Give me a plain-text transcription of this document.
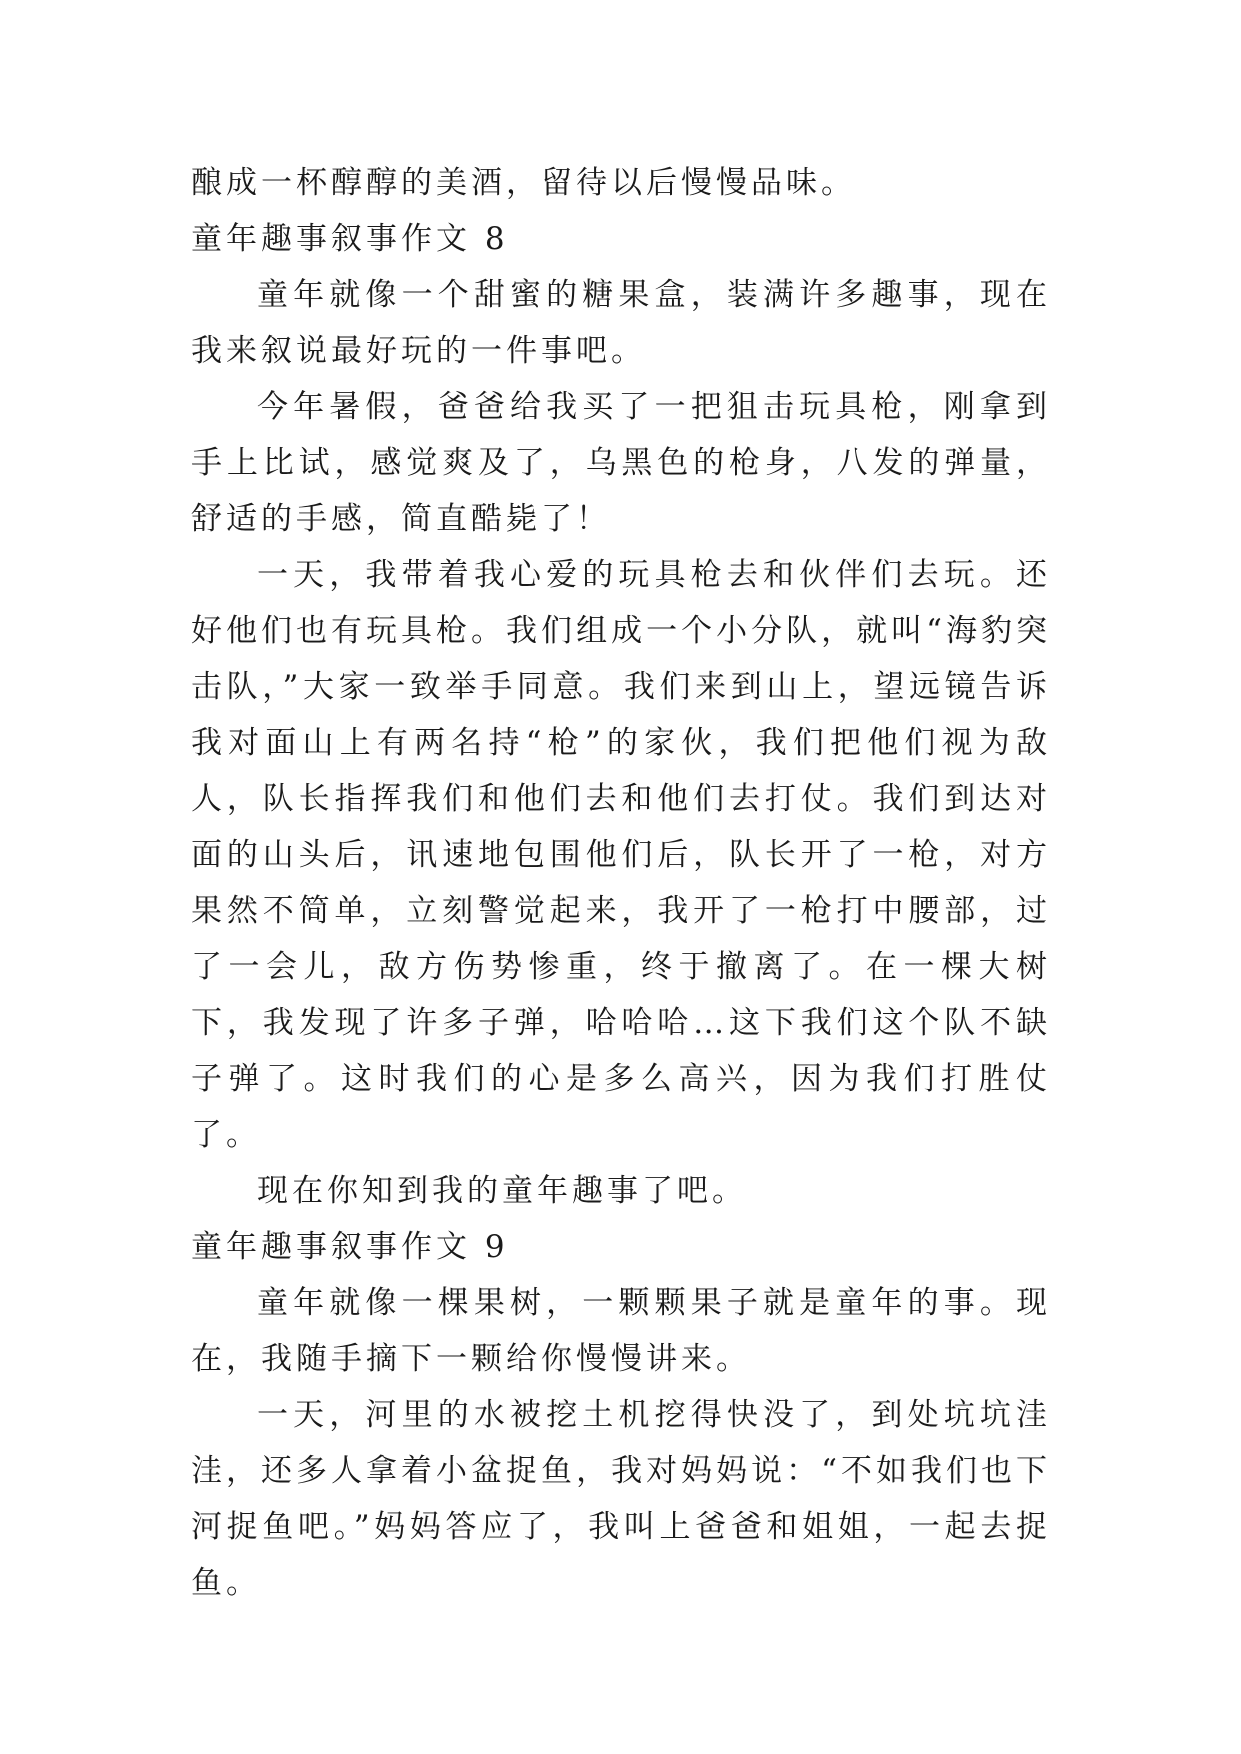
酿成一杯醇醇的美酒，留待以后慢慢品味。

童年趣事叙事作文 8

童年就像一个甜蜜的糖果盒，装满许多趣事，现在我来叙说最好玩的一件事吧。

今年暑假，爸爸给我买了一把狙击玩具枪，刚拿到手上比试，感觉爽及了，乌黑色的枪身，八发的弹量，舒适的手感，简直酷毙了！

一天，我带着我心爱的玩具枪去和伙伴们去玩。还好他们也有玩具枪。我们组成一个小分队，就叫“海豹突击队，”大家一致举手同意。我们来到山上，望远镜告诉我对面山上有两名持“枪”的家伙，我们把他们视为敌人，队长指挥我们和他们去和他们去打仗。我们到达对面的山头后，讯速地包围他们后，队长开了一枪，对方果然不简单，立刻警觉起来，我开了一枪打中腰部，过了一会儿，敌方伤势惨重，终于撤离了。在一棵大树下，我发现了许多子弹，哈哈哈…这下我们这个队不缺子弹了。这时我们的心是多么高兴，因为我们打胜仗了。

现在你知到我的童年趣事了吧。

童年趣事叙事作文 9

童年就像一棵果树，一颗颗果子就是童年的事。现在，我随手摘下一颗给你慢慢讲来。

一天，河里的水被挖土机挖得快没了，到处坑坑洼洼，还多人拿着小盆捉鱼，我对妈妈说：“不如我们也下河捉鱼吧。”妈妈答应了，我叫上爸爸和姐姐，一起去捉鱼。
